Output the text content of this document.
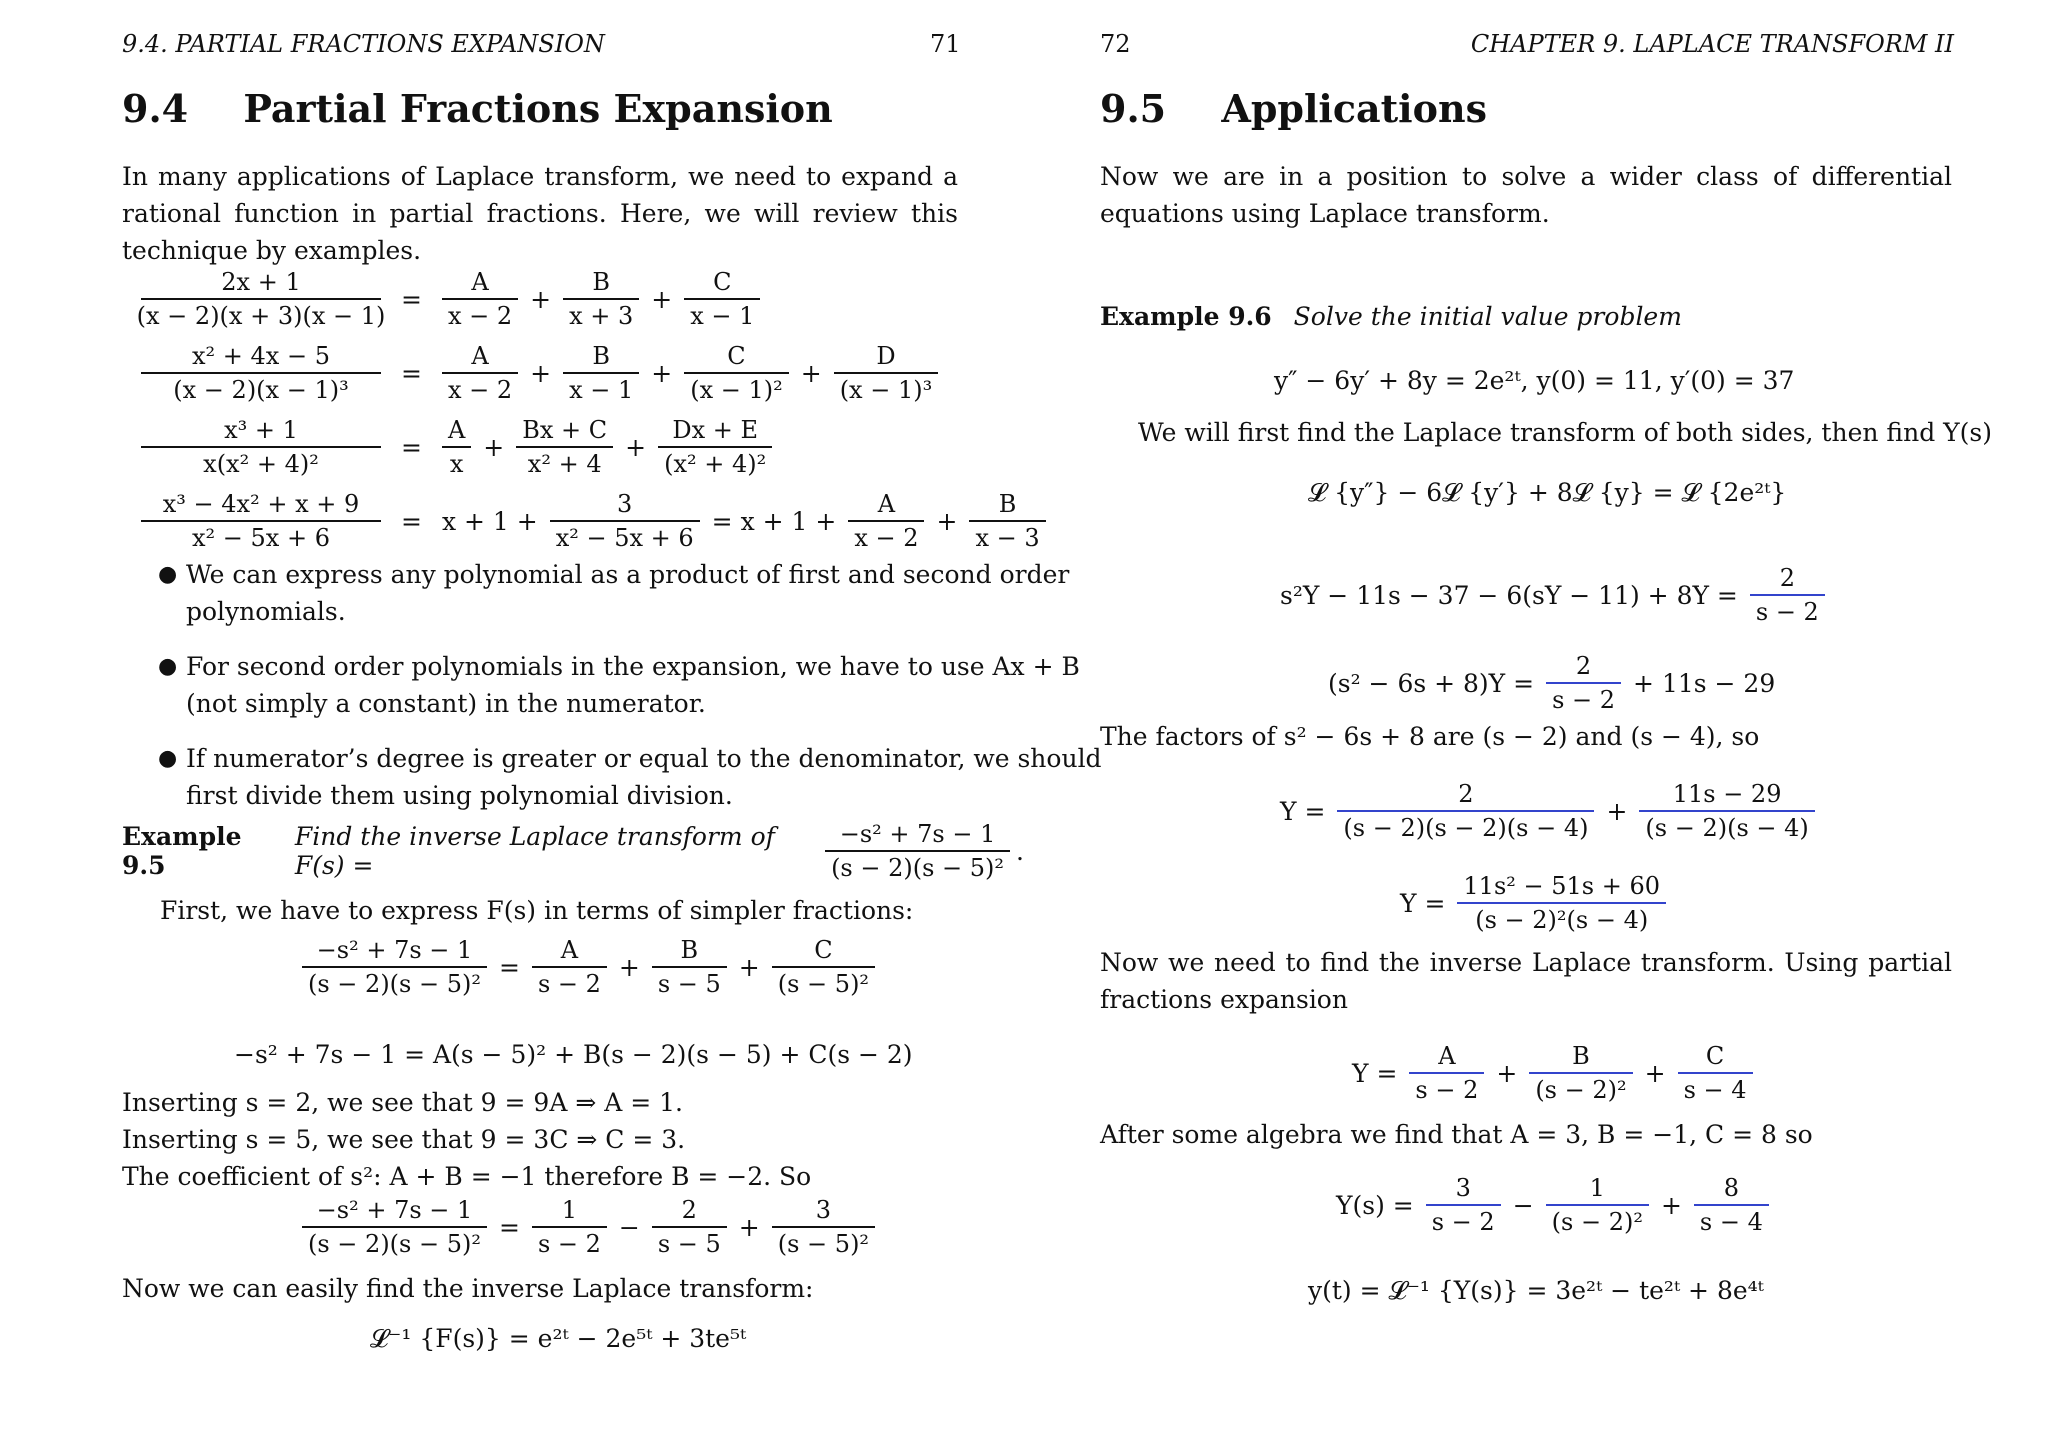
9.4. PARTIAL FRACTIONS EXPANSION	71
9.4 Partial Fractions Expansion
In many applications of Laplace transform, we need to expand a rational function in partial fractions. Here, we will review this technique by examples.
$\frac{2x + 1}{(x - 2)(x + 3)(x - 1)} = \frac{A}{x - 2} + \frac{B}{x + 3} + \frac{C}{x - 1}$
$\frac{\text{x² + 4x − 5}}{\text{(x − 2)(x − 1)³}} = \frac{A}{x - 2} + \frac{B}{x - 1} + \frac{C}{\text{(x − 1)²}} + \frac{D}{\text{(x − 1)³}}$
$\frac{\text{x³ + 1}}{\text{x(x² + 4)²}} = \frac{A}{x} + \frac{Bx + C}{\text{x² + 4}} + \frac{Dx + E}{\text{(x² + 4)²}}$
$\frac{\text{x³ − 4x² + x + 9}}{\text{x² − 5x + 6}} = x + 1 + \frac{3}{\text{x² − 5x + 6}} = x + 1 + \frac{A}{x - 2} + \frac{B}{x - 3}$
● We can express any polynomial as a product of first and second order
polynomials.
● For second order polynomials in the expansion, we have to use Ax + B
(not simply a constant) in the numerator.
● If numerator’s degree is greater or equal to the denominator, we should
first divide them using polynomial division.
Example 9.5
Find the inverse Laplace transform of F(s) =	$\frac{\text{−s² + 7s − 1}}{\text{(s − 2)(s − 5)²}}$ .
First, we have to express F(s) in terms of simpler fractions:
$\frac{\text{−s² + 7s − 1}}{\text{(s − 2)(s − 5)²}} = \frac{A}{s - 2} + \frac{B}{s - 5} + \frac{C}{\text{(s − 5)²}}$
−s² + 7s − 1 = A(s − 5)² + B(s − 2)(s − 5) + C(s − 2)
Inserting s = 2, we see that 9 = 9A ⇒ A = 1.
Inserting s = 5, we see that 9 = 3C ⇒ C = 3.
The coefficient of s²: A + B = −1 therefore B = −2. So
$\frac{\text{−s² + 7s − 1}}{\text{(s − 2)(s − 5)²}} = \frac{1}{s - 2} - \frac{2}{s - 5} + \frac{3}{\text{(s − 5)²}}$
Now we can easily find the inverse Laplace transform:
𝓛⁻¹ {F(s)} = e²ᵗ − 2e⁵ᵗ + 3te⁵ᵗ
72	CHAPTER 9. LAPLACE TRANSFORM II
9.5 Applications
Now we are in a position to solve a wider class of differential equations using Laplace transform.
Example 9.6 Solve the initial value problem
y″ − 6y′ + 8y = 2e²ᵗ, y(0) = 11, y′(0) = 37
We will first find the Laplace transform of both sides, then find Y(s)
𝓛 {y″} − 6𝓛 {y′} + 8𝓛 {y} = 𝓛 {2e²ᵗ}
$s^2Y - 11s - 37 - 6(sY - 11) + 8Y = \frac{2}{s - 2}$
$(s^2 - 6s + 8)Y = \frac{2}{s - 2} + 11s - 29$
The factors of s² − 6s + 8 are (s − 2) and (s − 4), so
$Y = \frac{2}{(s - 2)(s - 2)(s - 4)} + \frac{11s - 29}{(s - 2)(s - 4)}$
$Y = \frac{\text{11s² − 51s + 60}}{\text{(s − 2)²(s − 4)}}$
Now we need to find the inverse Laplace transform. Using partial fractions expansion
$Y = \frac{A}{s - 2} + \frac{B}{\text{(s − 2)²}} + \frac{C}{s - 4}$
After some algebra we find that A = 3, B = −1, C = 8 so
$Y(s) = \frac{3}{s - 2} - \frac{1}{\text{(s − 2)²}} + \frac{8}{s - 4}$
y(t) = 𝓛⁻¹ {Y(s)} = 3e²ᵗ − te²ᵗ + 8e⁴ᵗ
